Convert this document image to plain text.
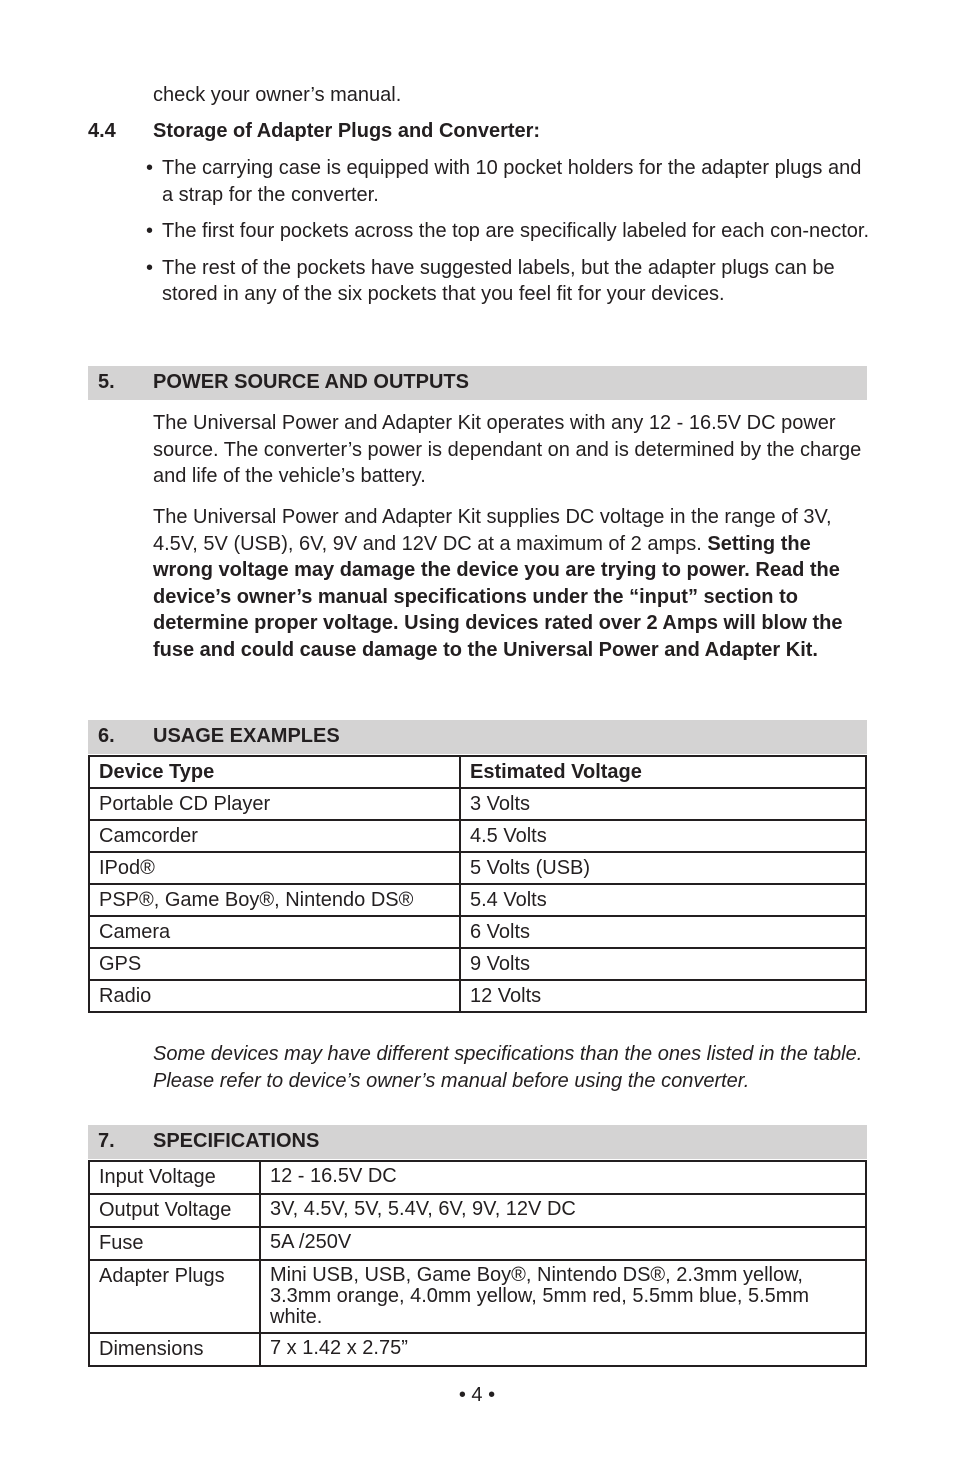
check your owner’s manual.

4.4 Storage of Adapter Plugs and Converter:
• The carrying case is equipped with 10 pocket holders for the adapter plugs and a strap for the converter.
• The first four pockets across the top are specifically labeled for each con-nector.
• The rest of the pockets have suggested labels, but the adapter plugs can be stored in any of the six pockets that you feel fit for your devices.
5. POWER SOURCE AND OUTPUTS

The Universal Power and Adapter Kit operates with any 12 - 16.5V DC power source. The converter’s power is dependant on and is determined by the charge and life of the vehicle’s battery.

The Universal Power and Adapter Kit supplies DC voltage in the range of 3V, 4.5V, 5V (USB), 6V, 9V and 12V DC at a maximum of 2 amps. Setting the wrong voltage may damage the device you are trying to power. Read the device’s owner’s manual specifications under the “input” section to determine proper voltage. Using devices rated over 2 Amps will blow the fuse and could cause damage to the Universal Power and Adapter Kit.

6. USAGE EXAMPLES
Device Type	Estimated Voltage
Portable CD Player	3 Volts
Camcorder	4.5 Volts
IPod®	5 Volts (USB)
PSP®, Game Boy®, Nintendo DS®	5.4 Volts
Camera	6 Volts
GPS	9 Volts
Radio	12 Volts

Some devices may have different specifications than the ones listed in the table. Please refer to device’s owner’s manual before using the converter.

7. SPECIFICATIONS
Input Voltage	12 - 16.5V DC
Output Voltage	3V, 4.5V, 5V, 5.4V, 6V, 9V, 12V DC
Fuse	5A /250V
Adapter Plugs	Mini USB, USB, Game Boy®, Nintendo DS®, 2.3mm yellow, 3.3mm orange, 4.0mm yellow, 5mm red, 5.5mm blue, 5.5mm white.
Dimensions	7 x 1.42 x 2.75”
• 4 •
